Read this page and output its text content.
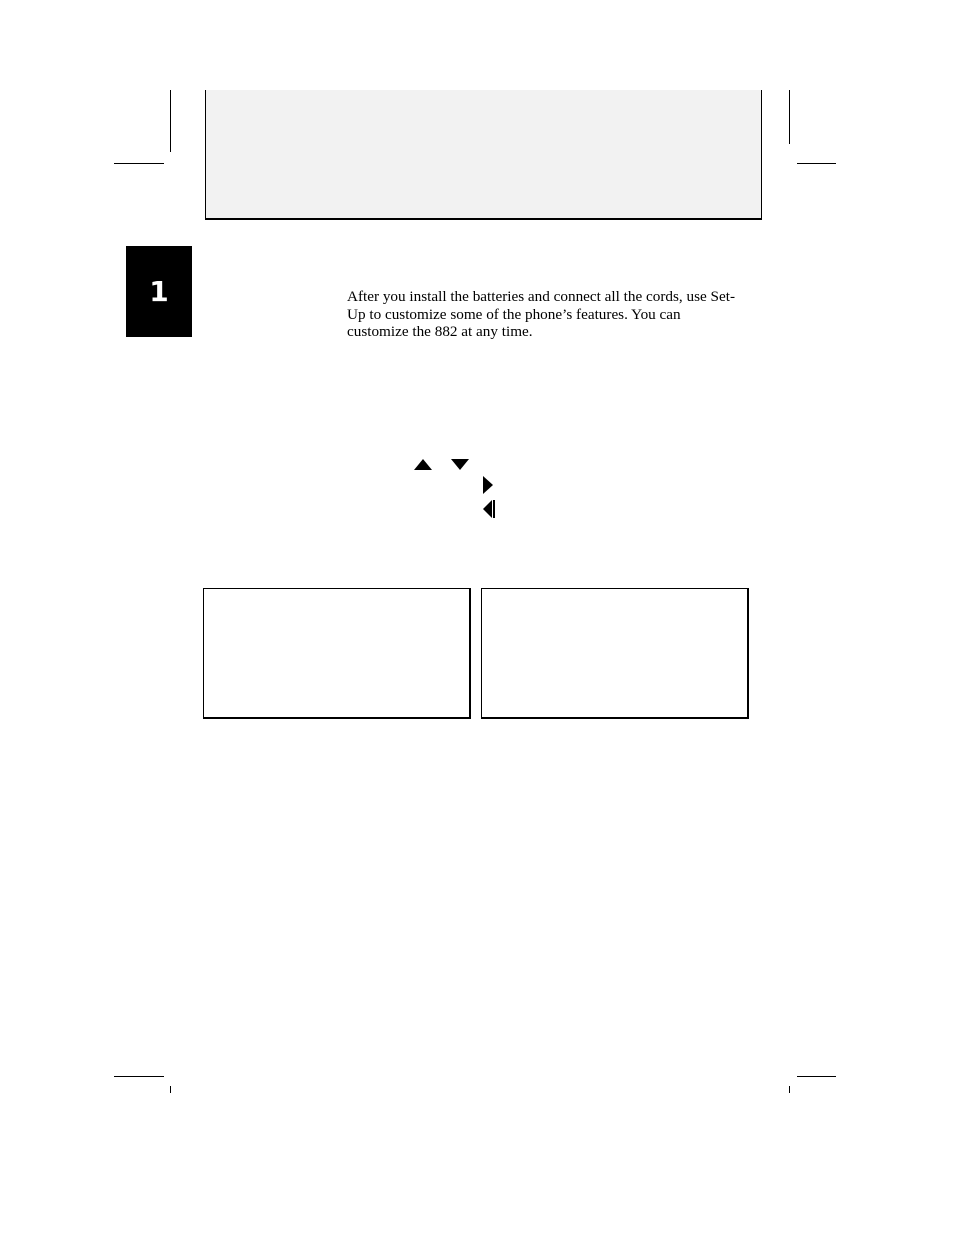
1	After you install the batteries and connect all the cords, use Set-Up to customize some of the phone’s features. You can customize the 882 at any time.
